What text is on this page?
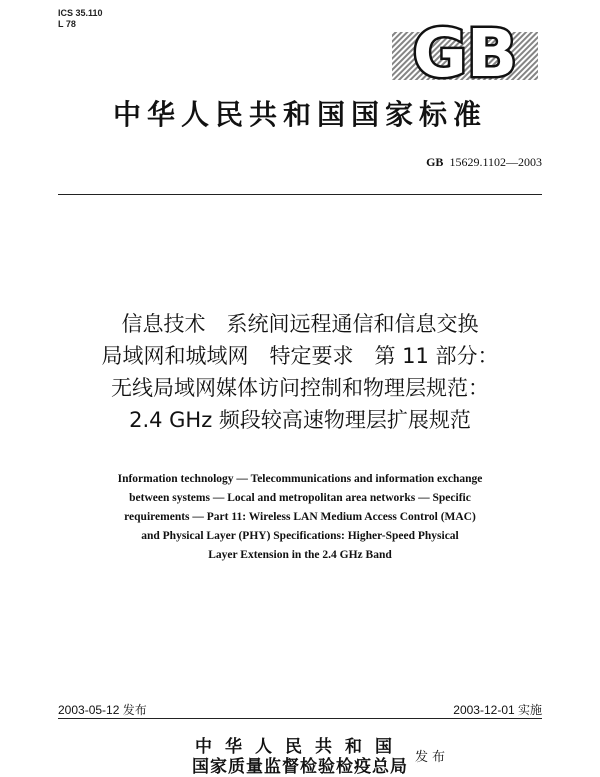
ICS 35.110
L 78	GB
中华人民共和国国家标准
GB 15629.1102—2003
信息技术　系统间远程通信和信息交换
局域网和城域网　特定要求　第 11 部分：
无线局域网媒体访问控制和物理层规范：
2.4 GHz 频段较高速物理层扩展规范
Information technology — Telecommunications and information exchange
between systems — Local and metropolitan area networks — Specific
requirements — Part 11: Wireless LAN Medium Access Control (MAC)
and Physical Layer (PHY) Specifications: Higher-Speed Physical
Layer Extension in the 2.4 GHz Band
2003-05-12 发布	2003-12-01 实施
中华人民共和国
国家质量监督检验检疫总局 发布
